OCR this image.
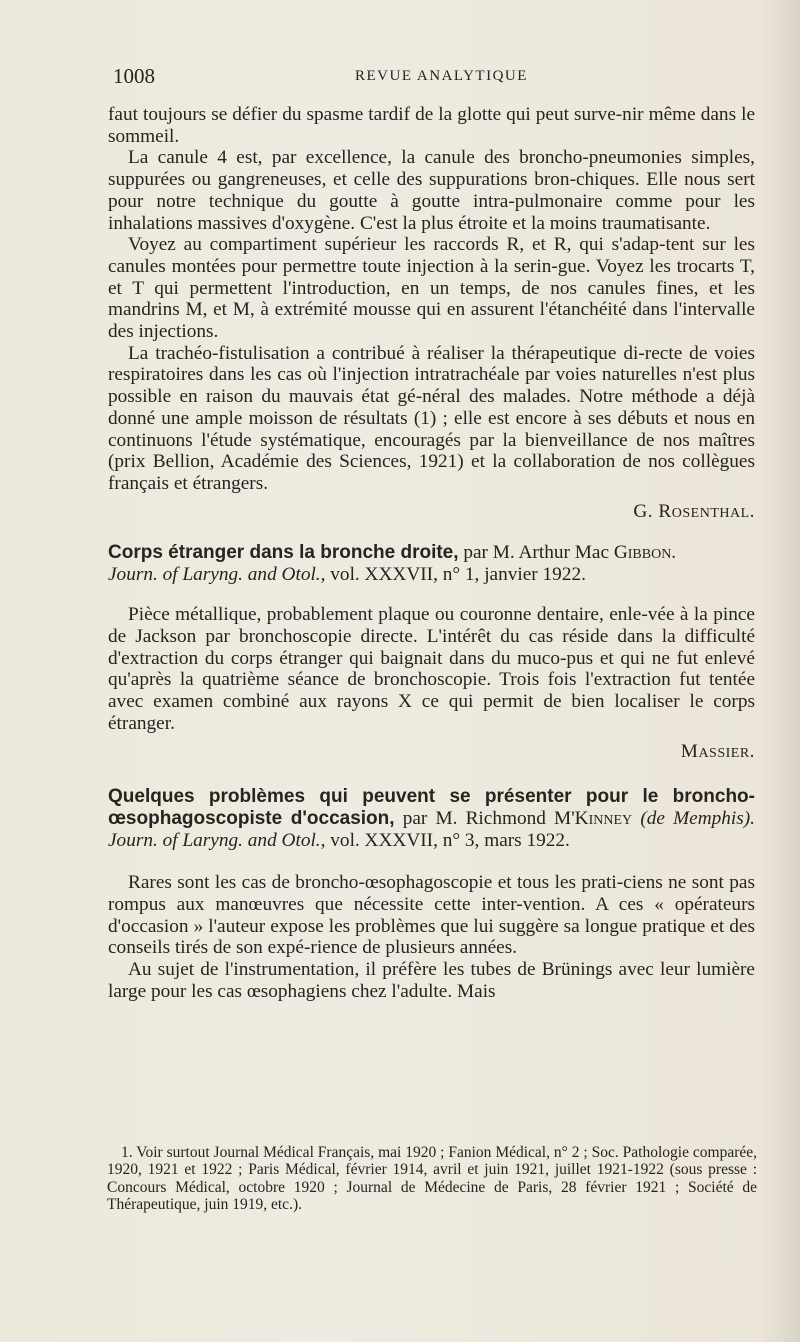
1008	REVUE ANALYTIQUE

faut toujours se défier du spasme tardif de la glotte qui peut surve-nir même dans le sommeil.

La canule 4 est, par excellence, la canule des broncho-pneumonies simples, suppurées ou gangreneuses, et celle des suppurations bron-chiques. Elle nous sert pour notre technique du goutte à goutte intra-pulmonaire comme pour les inhalations massives d'oxygène. C'est la plus étroite et la moins traumatisante.

Voyez au compartiment supérieur les raccords R, et R, qui s'adap-tent sur les canules montées pour permettre toute injection à la serin-gue. Voyez les trocarts T, et T qui permettent l'introduction, en un temps, de nos canules fines, et les mandrins M, et M, à extrémité mousse qui en assurent l'étanchéité dans l'intervalle des injections.

La trachéo-fistulisation a contribué à réaliser la thérapeutique di-recte de voies respiratoires dans les cas où l'injection intratrachéale par voies naturelles n'est plus possible en raison du mauvais état gé-néral des malades. Notre méthode a déjà donné une ample moisson de résultats (1) ; elle est encore à ses débuts et nous en continuons l'étude systématique, encouragés par la bienveillance de nos maîtres (prix Bellion, Académie des Sciences, 1921) et la collaboration de nos collègues français et étrangers.

G. Rosenthal.

Corps étranger dans la bronche droite, par M. Arthur Mac Gibbon.
Journ. of Laryng. and Otol., vol. XXXVII, n° 1, janvier 1922.

Pièce métallique, probablement plaque ou couronne dentaire, enle-vée à la pince de Jackson par bronchoscopie directe. L'intérêt du cas réside dans la difficulté d'extraction du corps étranger qui baignait dans du muco-pus et qui ne fut enlevé qu'après la quatrième séance de bronchoscopie. Trois fois l'extraction fut tentée avec examen combiné aux rayons X ce qui permit de bien localiser le corps étranger.

Massier.

Quelques problèmes qui peuvent se présenter pour le broncho-œsophagoscopiste d'occasion, par M. Richmond M'Kinney (de Memphis). Journ. of Laryng. and Otol., vol. XXXVII, n° 3, mars 1922.

Rares sont les cas de broncho-œsophagoscopie et tous les prati-ciens ne sont pas rompus aux manœuvres que nécessite cette inter-vention. A ces « opérateurs d'occasion » l'auteur expose les problèmes que lui suggère sa longue pratique et des conseils tirés de son expé-rience de plusieurs années.

Au sujet de l'instrumentation, il préfère les tubes de Brünings avec leur lumière large pour les cas œsophagiens chez l'adulte. Mais

1. Voir surtout Journal Médical Français, mai 1920 ; Fanion Médical, n° 2 ; Soc. Pathologie comparée, 1920, 1921 et 1922 ; Paris Médical, février 1914, avril et juin 1921, juillet 1921-1922 (sous presse : Concours Médical, octobre 1920 ; Journal de Médecine de Paris, 28 février 1921 ; Société de Thérapeutique, juin 1919, etc.).
